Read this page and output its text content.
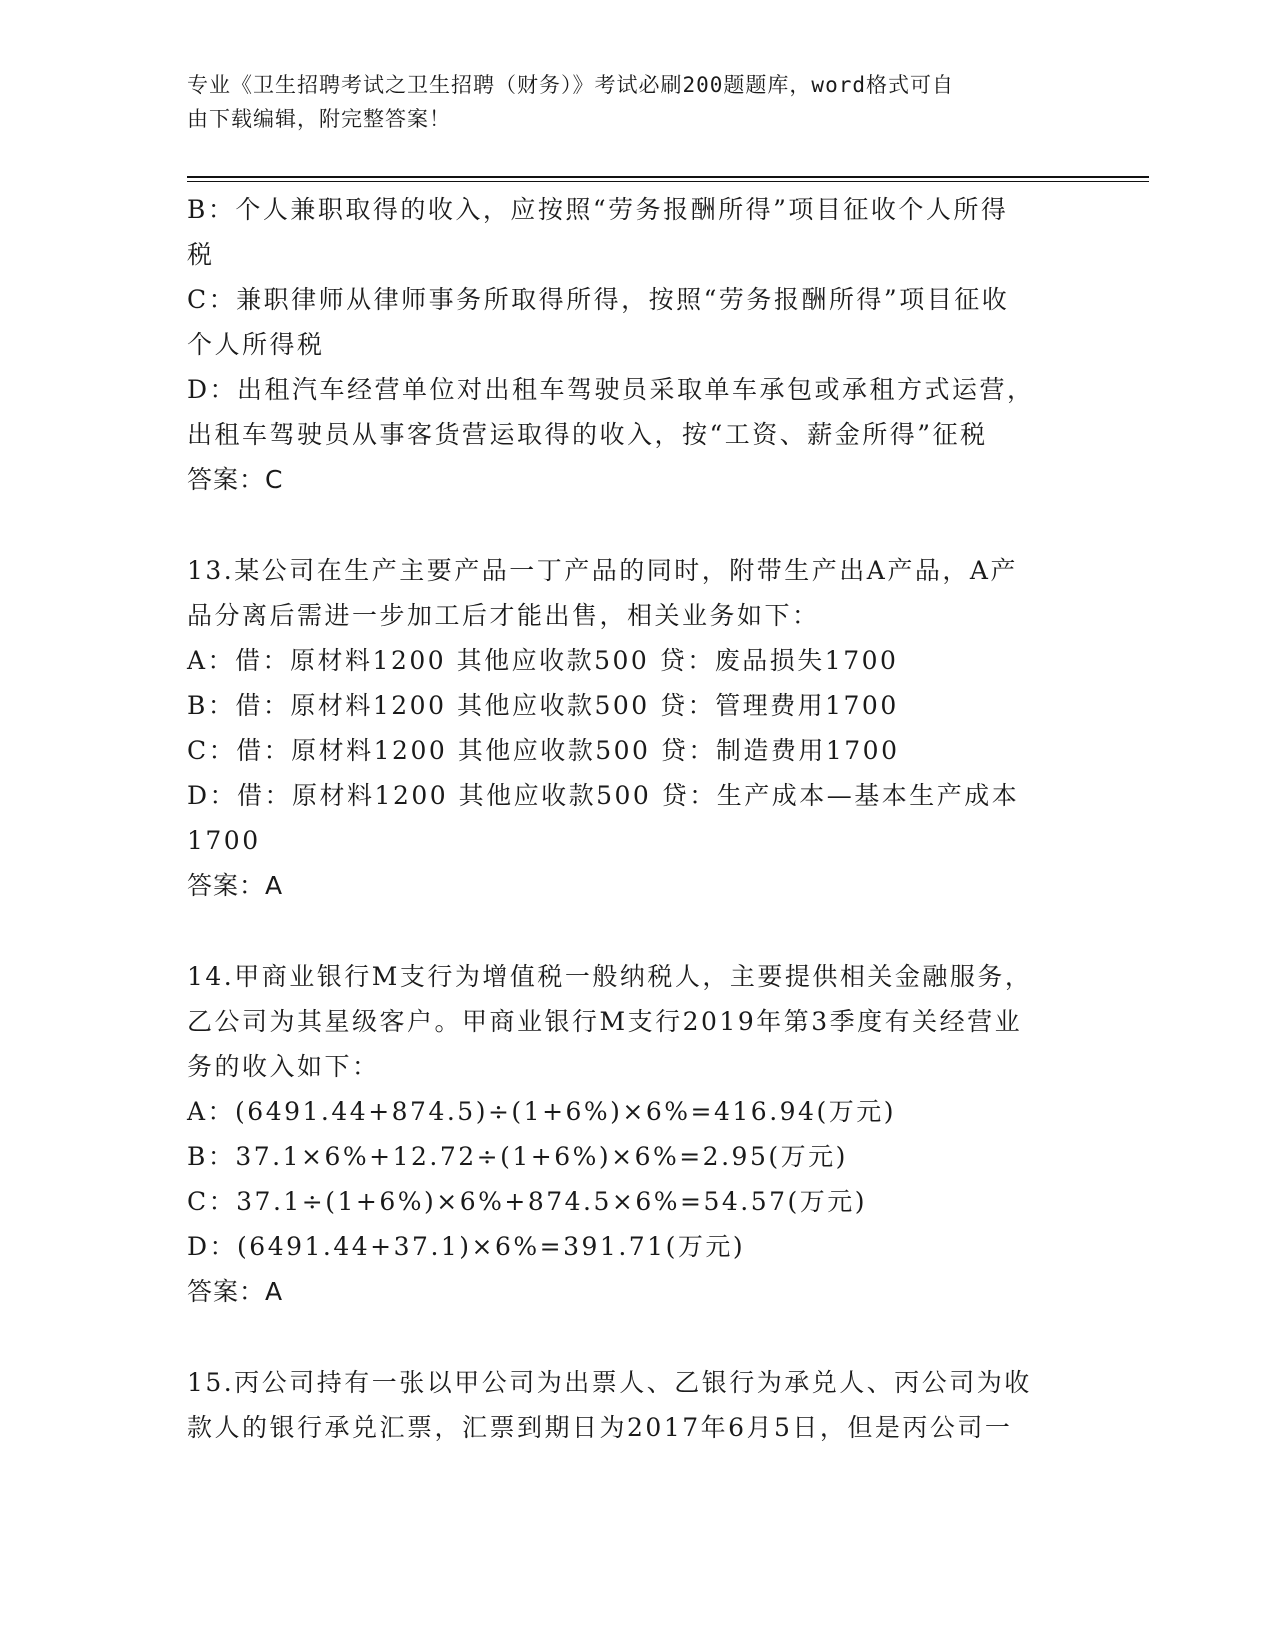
专业《卫生招聘考试之卫生招聘（财务）》考试必刷200题题库，word格式可自
由下载编辑，附完整答案！
B：个人兼职取得的收入，应按照“劳务报酬所得”项目征收个人所得
税
C：兼职律师从律师事务所取得所得，按照“劳务报酬所得”项目征收
个人所得税
D：出租汽车经营单位对出租车驾驶员采取单车承包或承租方式运营，
出租车驾驶员从事客货营运取得的收入，按“工资、薪金所得”征税
答案：C
13.某公司在生产主要产品一丁产品的同时，附带生产出A产品，A产
品分离后需进一步加工后才能出售，相关业务如下：
A：借：原材料1200 其他应收款500 贷：废品损失1700
B：借：原材料1200 其他应收款500 贷：管理费用1700
C：借：原材料1200 其他应收款500 贷：制造费用1700
D：借：原材料1200 其他应收款500 贷：生产成本—基本生产成本
1700
答案：A
14.甲商业银行M支行为增值税一般纳税人，主要提供相关金融服务，
乙公司为其星级客户。甲商业银行M支行2019年第3季度有关经营业
务的收入如下：
A：(6491.44+874.5)÷(1+6%)×6%=416.94(万元)
B：37.1×6%+12.72÷(1+6%)×6%=2.95(万元)
C：37.1÷(1+6%)×6%+874.5×6%=54.57(万元)
D：(6491.44+37.1)×6%=391.71(万元)
答案：A
15.丙公司持有一张以甲公司为出票人、乙银行为承兑人、丙公司为收
款人的银行承兑汇票，汇票到期日为2017年6月5日，但是丙公司一
